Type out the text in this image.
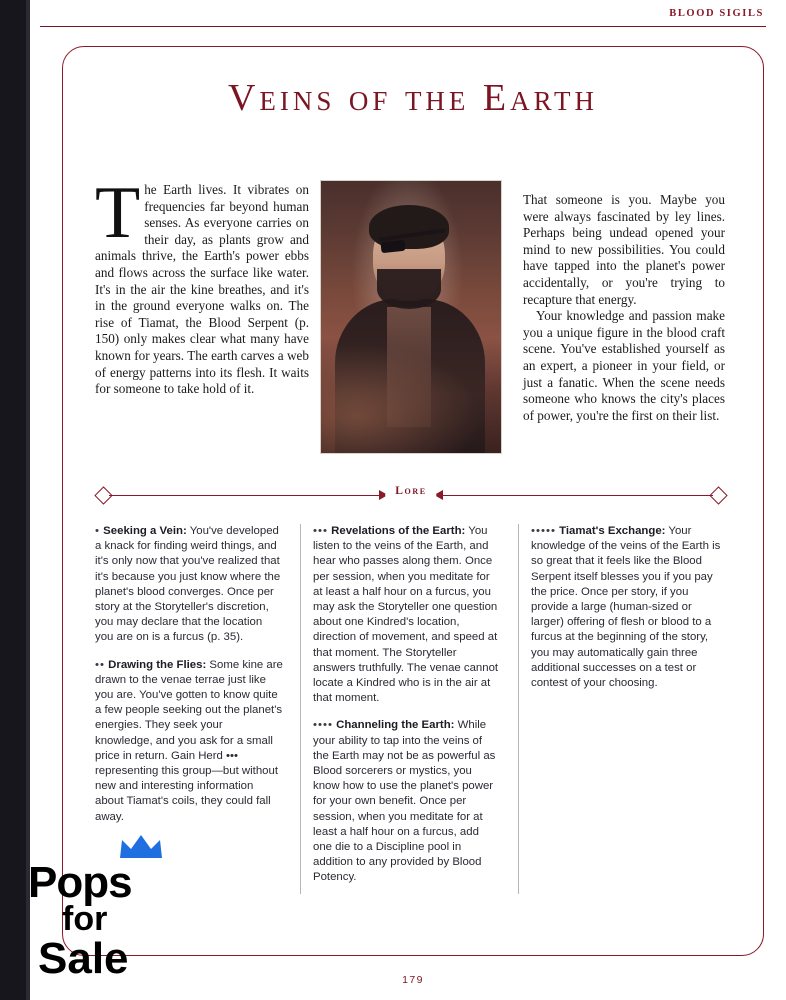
BLOOD SIGILS
Veins of the Earth
T he Earth lives. It vibrates on frequencies far beyond human senses. As everyone carries on their day, as plants grow and animals thrive, the Earth's power ebbs and flows across the surface like water. It's in the air the kine breathes, and it's in the ground everyone walks on. The rise of Tiamat, the Blood Serpent (p. 150) only makes clear what many have known for years. The earth carves a web of energy patterns into its flesh. It waits for someone to take hold of it.

That someone is you. Maybe you were always fascinated by ley lines. Perhaps being undead opened your mind to new possibilities. You could have tapped into the planet's power accidentally, or you're trying to recapture that energy.

Your knowledge and passion make you a unique figure in the blood craft scene. You've established yourself as an expert, a pioneer in your field, or just a fanatic. When the scene needs someone who knows the city's places of power, you're the first on their list.

Lore
• Seeking a Vein: You've developed a knack for finding weird things, and it's only now that you've realized that it's because you just know where the planet's blood converges. Once per story at the Storyteller's discretion, you may declare that the location you are on is a furcus (p. 35).
•• Drawing the Flies: Some kine are drawn to the venae terrae just like you are. You've gotten to know quite a few people seeking out the planet's energies. They seek your knowledge, and you ask for a small price in return. Gain Herd ••• representing this group—but without new and interesting information about Tiamat's coils, they could fall away.
••• Revelations of the Earth: You listen to the veins of the Earth, and hear who passes along them. Once per session, when you meditate for at least a half hour on a furcus, you may ask the Storyteller one question about one Kindred's location, direction of movement, and speed at that moment. The Storyteller answers truthfully. The venae cannot locate a Kindred who is in the air at that moment.
•••• Channeling the Earth: While your ability to tap into the veins of the Earth may not be as powerful as Blood sorcerers or mystics, you know how to use the planet's power for your own benefit. Once per session, when you meditate for at least a half hour on a furcus, add one die to a Discipline pool in addition to any provided by Blood Potency.
••••• Tiamat's Exchange: Your knowledge of the veins of the Earth is so great that it feels like the Blood Serpent itself blesses you if you pay the price. Once per story, if you provide a large (human-sized or larger) offering of flesh or blood to a furcus at the beginning of the story, you may automatically gain three additional successes on a test or contest of your choosing.
179
Pops
for
Sale
